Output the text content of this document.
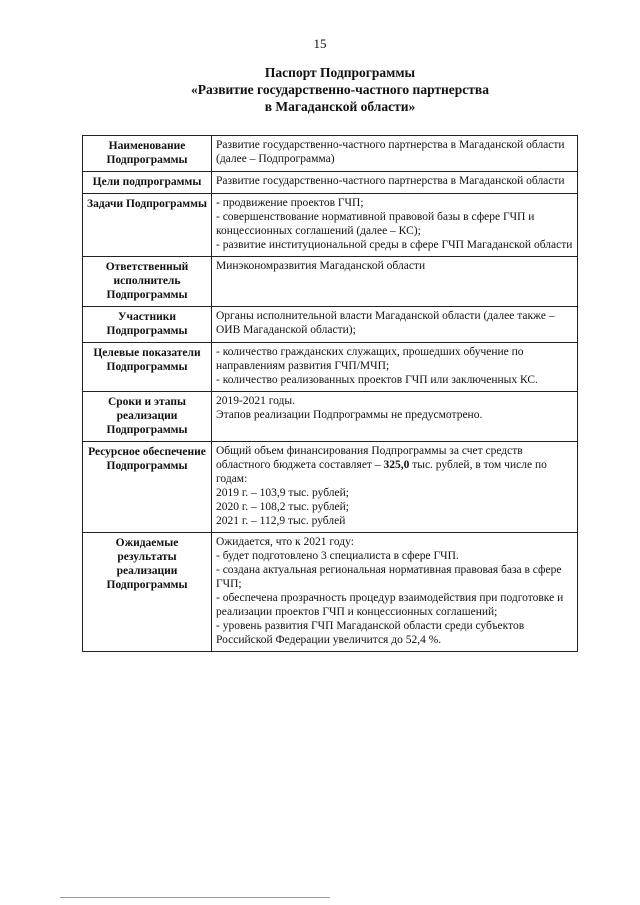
15
Паспорт Подпрограммы
«Развитие государственно-частного партнерства
в Магаданской области»
Наименование Подпрограммы	Развитие государственно-частного партнерства в Магаданской области (далее – Подпрограмма)

Цели подпрограммы	Развитие государственно-частного партнерства в Магаданской области

Задачи Подпрограммы	- продвижение проектов ГЧП;
- совершенствование нормативной правовой базы в сфере ГЧП и концессионных соглашений (далее – КС);
- развитие институциональной среды в сфере ГЧП Магаданской области

Ответственный исполнитель Подпрограммы	Минэкономразвития Магаданской области

Участники Подпрограммы	Органы исполнительной власти Магаданской области (далее также – ОИВ Магаданской области);

Целевые показатели Подпрограммы	- количество гражданских служащих, прошедших обучение по направлениям развития ГЧП/МЧП;
- количество реализованных проектов ГЧП или заключенных КС.

Сроки и этапы реализации Подпрограммы	2019-2021 годы.
Этапов реализации Подпрограммы не предусмотрено.

Ресурсное обеспечение Подпрограммы	Общий объем финансирования Подпрограммы за счет средств областного бюджета составляет – 325,0 тыс. рублей, в том числе по годам:
2019 г. – 103,9 тыс. рублей;
2020 г. – 108,2 тыс. рублей;
2021 г. – 112,9 тыс. рублей

Ожидаемые результаты реализации Подпрограммы	Ожидается, что к 2021 году:
- будет подготовлено 3 специалиста в сфере ГЧП.
- создана актуальная региональная нормативная правовая база в сфере ГЧП;
- обеспечена прозрачность процедур взаимодействия при подготовке и реализации проектов ГЧП и концессионных соглашений;
- уровень развития ГЧП Магаданской области среди субъектов Российской Федерации увеличится до 52,4 %.
